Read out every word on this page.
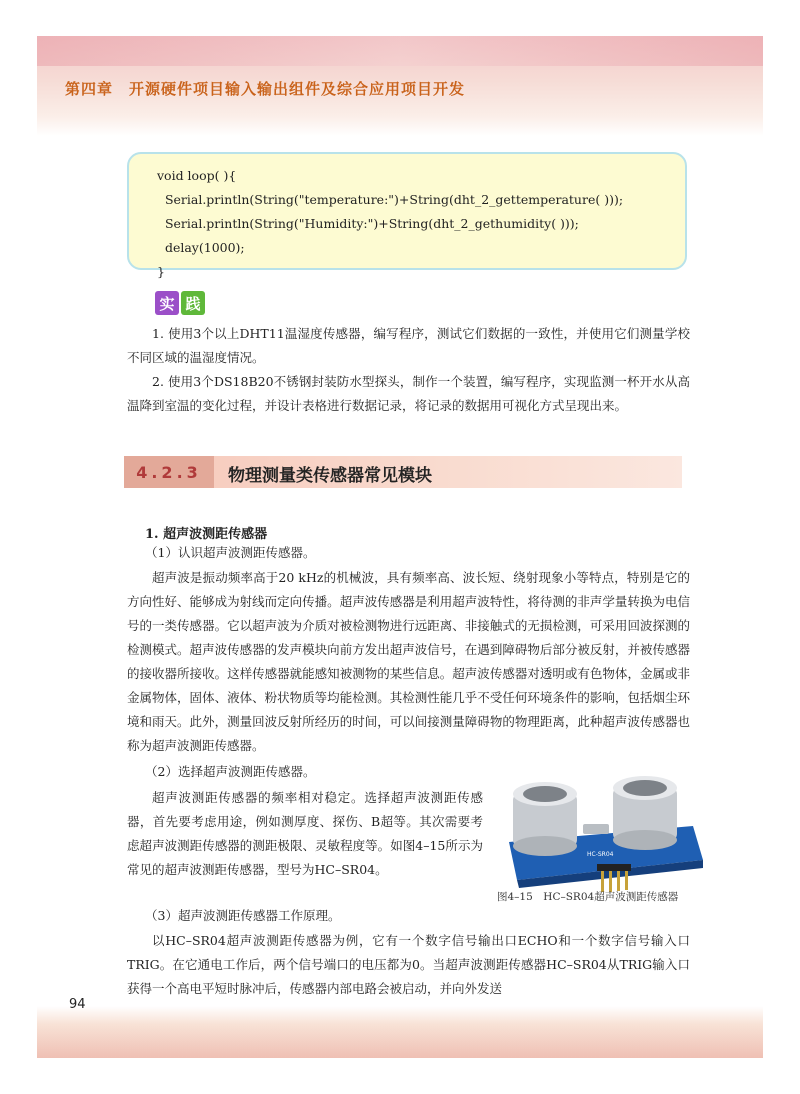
第四章　开源硬件项目输入输出组件及综合应用项目开发
void loop( ){
Serial.println(String("temperature:")+String(dht_2_gettemperature( )));
Serial.println(String("Humidity:")+String(dht_2_gethumidity( )));
delay(1000);
}
实 践
1. 使用3个以上DHT11温湿度传感器，编写程序，测试它们数据的一致性，并使用它们测量学校不同区域的温湿度情况。
2. 使用3个DS18B20不锈钢封装防水型探头，制作一个装置，编写程序，实现监测一杯开水从高温降到室温的变化过程，并设计表格进行数据记录，将记录的数据用可视化方式呈现出来。
4.2.3	物理测量类传感器常见模块
1. 超声波测距传感器
（1）认识超声波测距传感器。
超声波是振动频率高于20 kHz的机械波，具有频率高、波长短、绕射现象小等特点，特别是它的方向性好、能够成为射线而定向传播。超声波传感器是利用超声波特性，将待测的非声学量转换为电信号的一类传感器。它以超声波为介质对被检测物进行远距离、非接触式的无损检测，可采用回波探测的检测模式。超声波传感器的发声模块向前方发出超声波信号，在遇到障碍物后部分被反射，并被传感器的接收器所接收。这样传感器就能感知被测物的某些信息。超声波传感器对透明或有色物体，金属或非金属物体，固体、液体、粉状物质等均能检测。其检测性能几乎不受任何环境条件的影响，包括烟尘环境和雨天。此外，测量回波反射所经历的时间，可以间接测量障碍物的物理距离，此种超声波传感器也称为超声波测距传感器。
（2）选择超声波测距传感器。
超声波测距传感器的频率相对稳定。选择超声波测距传感器，首先要考虑用途，例如测厚度、探伤、B超等。其次需要考虑超声波测距传感器的测距极限、灵敏程度等。如图4–15所示为常见的超声波测距传感器，型号为HC–SR04。
HC-SR04
图4–15　HC–SR04超声波测距传感器
（3）超声波测距传感器工作原理。
以HC–SR04超声波测距传感器为例，它有一个数字信号输出口ECHO和一个数字信号输入口TRIG。在它通电工作后，两个信号端口的电压都为0。当超声波测距传感器HC–SR04从TRIG输入口获得一个高电平短时脉冲后，传感器内部电路会被启动，并向外发送
94
